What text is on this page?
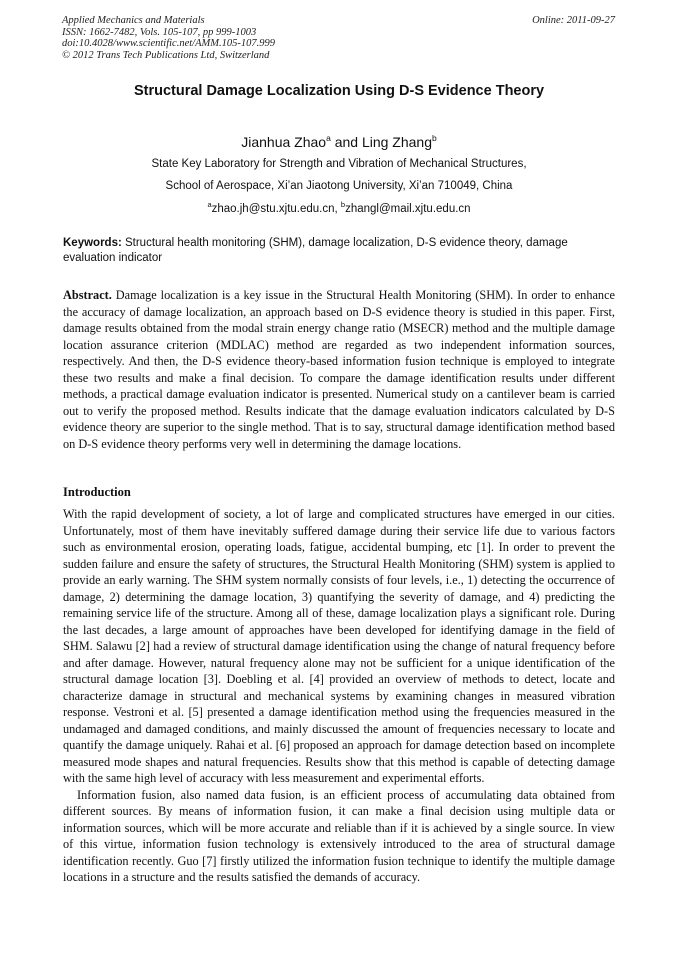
Applied Mechanics and Materials
ISSN: 1662-7482, Vols. 105-107, pp 999-1003
doi:10.4028/www.scientific.net/AMM.105-107.999
© 2012 Trans Tech Publications Ltd, Switzerland
Online: 2011-09-27
Structural Damage Localization Using D-S Evidence Theory
Jianhua Zhao$^a$ and Ling Zhang$^b$
State Key Laboratory for Strength and Vibration of Mechanical Structures,
School of Aerospace, Xi’an Jiaotong University, Xi’an 710049, China
$^a$zhao.jh@stu.xjtu.edu.cn, $^b$zhangl@mail.xjtu.edu.cn
Keywords: Structural health monitoring (SHM), damage localization, D-S evidence theory, damage evaluation indicator
Abstract. Damage localization is a key issue in the Structural Health Monitoring (SHM). In order to enhance the accuracy of damage localization, an approach based on D-S evidence theory is studied in this paper. First, damage results obtained from the modal strain energy change ratio (MSECR) method and the multiple damage location assurance criterion (MDLAC) method are regarded as two independent information sources, respectively. And then, the D-S evidence theory-based information fusion technique is employed to integrate these two results and make a final decision. To compare the damage identification results under different methods, a practical damage evaluation indicator is presented. Numerical study on a cantilever beam is carried out to verify the proposed method. Results indicate that the damage evaluation indicators calculated by D-S evidence theory are superior to the single method. That is to say, structural damage identification method based on D-S evidence theory performs very well in determining the damage locations.
Introduction

With the rapid development of society, a lot of large and complicated structures have emerged in our cities. Unfortunately, most of them have inevitably suffered damage during their service life due to various factors such as environmental erosion, operating loads, fatigue, accidental bumping, etc [1]. In order to prevent the sudden failure and ensure the safety of structures, the Structural Health Monitoring (SHM) system is applied to provide an early warning. The SHM system normally consists of four levels, i.e., 1) detecting the occurrence of damage, 2) determining the damage location, 3) quantifying the severity of damage, and 4) predicting the remaining service life of the structure. Among all of these, damage localization plays a significant role. During the last decades, a large amount of approaches have been developed for identifying damage in the field of SHM. Salawu [2] had a review of structural damage identification using the change of natural frequency before and after damage. However, natural frequency alone may not be sufficient for a unique identification of the structural damage location [3]. Doebling et al. [4] provided an overview of methods to detect, locate and characterize damage in structural and mechanical systems by examining changes in measured vibration response. Vestroni et al. [5] presented a damage identification method using the frequencies measured in the undamaged and damaged conditions, and mainly discussed the amount of frequencies necessary to locate and quantify the damage uniquely. Rahai et al. [6] proposed an approach for damage detection based on incomplete measured mode shapes and natural frequencies. Results show that this method is capable of detecting damage with the same high level of accuracy with less measurement and experimental efforts.

Information fusion, also named data fusion, is an efficient process of accumulating data obtained from different sources. By means of information fusion, it can make a final decision using multiple data or information sources, which will be more accurate and reliable than if it is achieved by a single source. In view of this virtue, information fusion technology is extensively introduced to the area of structural damage identification recently. Guo [7] firstly utilized the information fusion technique to identify the multiple damage locations in a structure and the results satisfied the demands of accuracy.
